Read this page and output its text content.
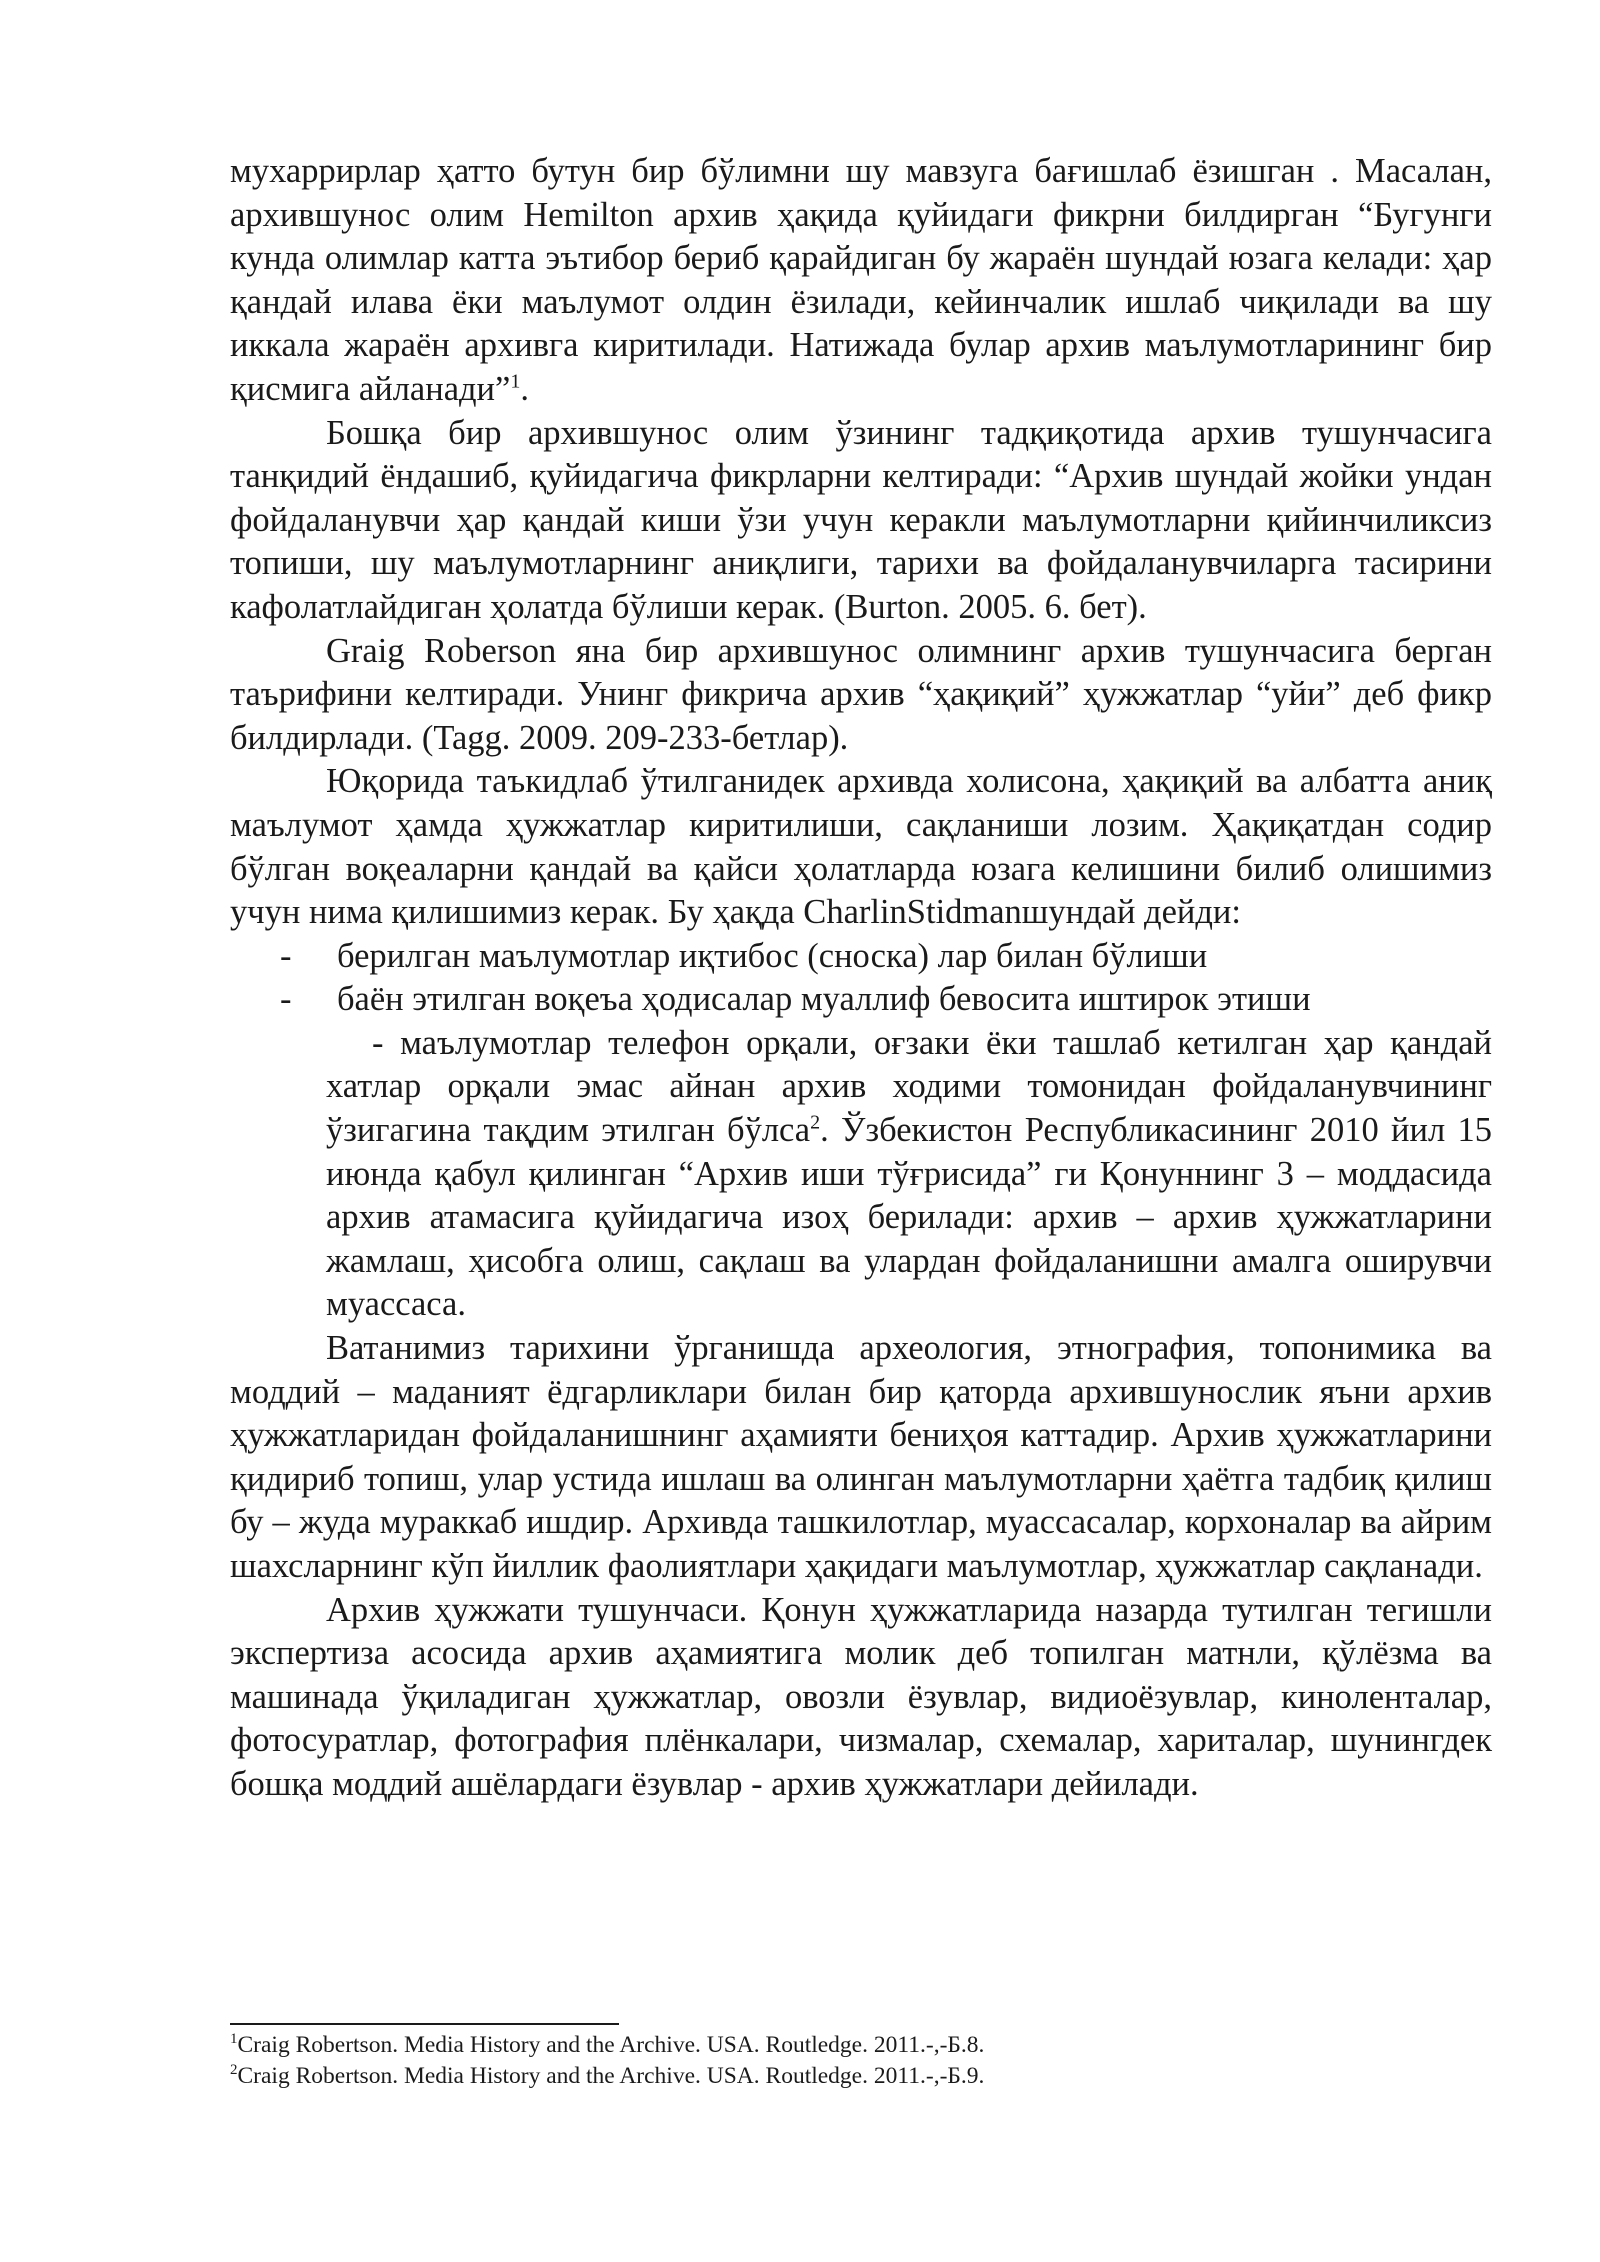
мухаррирлар ҳатто бутун бир бўлимни шу мавзуга бағишлаб ёзишган . Масалан, архившунос олим Hemilton архив ҳақида қуйидаги фикрни билдирган “Бугунги кунда олимлар катта эътибор бериб қарайдиган бу жараён шундай юзага келади: ҳар қандай илава ёки маълумот олдин ёзилади, кейинчалик ишлаб чиқилади ва шу иккала жараён архивга киритилади. Натижада булар архив маълумотларининг бир қисмига айланади”$^1$.

Бошқа бир архившунос олим ўзининг тадқиқотида архив тушунчасига танқидий ёндашиб, қуйидагича фикрларни келтиради: “Архив шундай жойки ундан фойдаланувчи ҳар қандай киши ўзи учун керакли маълумотларни қийинчиликсиз топиши, шу маълумотларнинг аниқлиги, тарихи ва фойдаланувчиларга тасирини кафолатлайдиган ҳолатда бўлиши керак. (Burton. 2005. 6. бет).

Graig Roberson яна бир архившунос олимнинг архив тушунчасига берган таърифини келтиради. Унинг фикрича архив “ҳақиқий” ҳужжатлар “уйи” деб фикр билдирлади. (Tagg. 2009. 209-233-бетлар).

Юқорида таъкидлаб ўтилганидек архивда холисона, ҳақиқий ва албатта аниқ маълумот ҳамда ҳужжатлар киритилиши, сақланиши лозим. Ҳақиқатдан содир бўлган воқеаларни қандай ва қайси ҳолатларда юзага келишини билиб олишимиз учун нима қилишимиз керак. Бу ҳақда CharlinStidmanшундай дейди:

- берилган маълумотлар иқтибос (сноска) лар билан бўлиши

- баён этилган воқеъа ҳодисалар муаллиф бевосита иштирок этиши

- маълумотлар телефон орқали, оғзаки ёки ташлаб кетилган ҳар қандай хатлар орқали эмас айнан архив ходими томонидан фойдаланувчининг ўзигагина тақдим этилган бўлса$^2$. Ўзбекистон Республикасининг 2010 йил 15 июнда қабул қилинган “Архив иши тўғрисида” ги Қонуннинг 3 – моддасида архив атамасига қуйидагича изоҳ берилади: архив – архив ҳужжатларини жамлаш, ҳисобга олиш, сақлаш ва улардан фойдаланишни амалга оширувчи муассаса.

Ватанимиз тарихини ўрганишда археология, этнография, топонимика ва моддий – маданият ёдгарликлари билан бир қаторда архившунослик яъни архив ҳужжатларидан фойдаланишнинг аҳамияти бениҳоя каттадир. Архив ҳужжатларини қидириб топиш, улар устида ишлаш ва олинган маълумотларни ҳаётга тадбиқ қилиш бу – жуда мураккаб ишдир. Архивда ташкилотлар, муассасалар, корхоналар ва айрим шахсларнинг кўп йиллик фаолиятлари ҳақидаги маълумотлар, ҳужжатлар сақланади.

Архив ҳужжати тушунчаси. Қонун ҳужжатларида назарда тутилган тегишли экспертиза асосида архив аҳамиятига молик деб топилган матнли, қўлёзма ва машинада ўқиладиган ҳужжатлар, овозли ёзувлар, видиоёзувлар, киноленталар, фотосуратлар, фотография плёнкалари, чизмалар, схемалар, хариталар, шунингдек бошқа моддий ашёлардаги ёзувлар - архив ҳужжатлари дейилади.

$^1$Craig Robertson. Media History and the Archive. USA. Routledge. 2011.-,-Б.8.

$^2$Craig Robertson. Media History and the Archive. USA. Routledge. 2011.-,-Б.9.
